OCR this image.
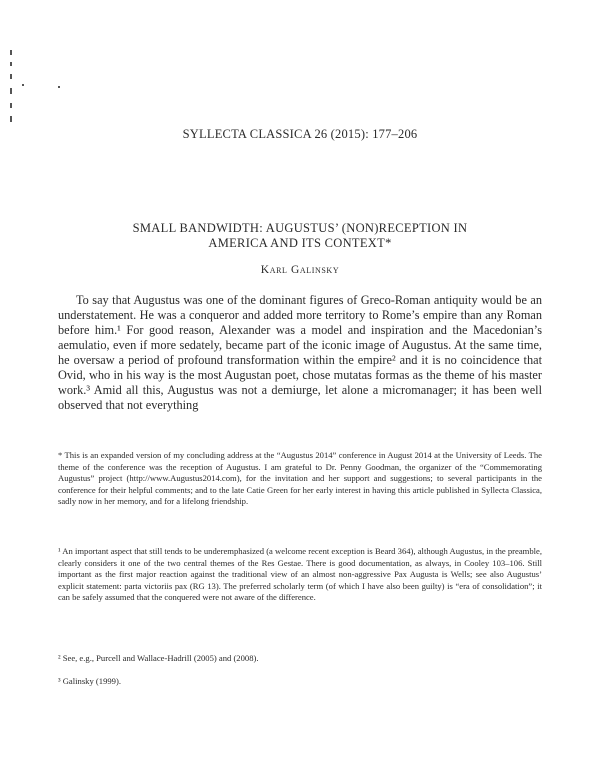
SYLLECTA CLASSICA 26 (2015): 177–206
SMALL BANDWIDTH: AUGUSTUS’ (NON)RECEPTION IN AMERICA AND ITS CONTEXT*
Karl Galinsky

To say that Augustus was one of the dominant figures of Greco-Roman antiquity would be an understatement. He was a conqueror and added more territory to Rome’s empire than any Roman before him.¹ For good reason, Alexander was a model and inspiration and the Macedonian’s aemulatio, even if more sedately, became part of the iconic image of Augustus. At the same time, he oversaw a period of profound transformation within the empire² and it is no coincidence that Ovid, who in his way is the most Augustan poet, chose mutatas formas as the theme of his master work.³ Amid all this, Augustus was not a demiurge, let alone a micromanager; it has been well observed that not everything

* This is an expanded version of my concluding address at the “Augustus 2014” conference in August 2014 at the University of Leeds. The theme of the conference was the reception of Augustus. I am grateful to Dr. Penny Goodman, the organizer of the “Commemorating Augustus” project (http://www.Augustus2014.com), for the invitation and her support and suggestions; to several participants in the conference for their helpful comments; and to the late Catie Green for her early interest in having this article published in Syllecta Classica, sadly now in her memory, and for a lifelong friendship.

¹ An important aspect that still tends to be underemphasized (a welcome recent exception is Beard 364), although Augustus, in the preamble, clearly considers it one of the two central themes of the Res Gestae. There is good documentation, as always, in Cooley 103–106. Still important as the first major reaction against the traditional view of an almost non-aggressive Pax Augusta is Wells; see also Augustus’ explicit statement: parta victoriis pax (RG 13). The preferred scholarly term (of which I have also been guilty) is “era of consolidation”; it can be safely assumed that the conquered were not aware of the difference.

² See, e.g., Purcell and Wallace-Hadrill (2005) and (2008).

³ Galinsky (1999).
